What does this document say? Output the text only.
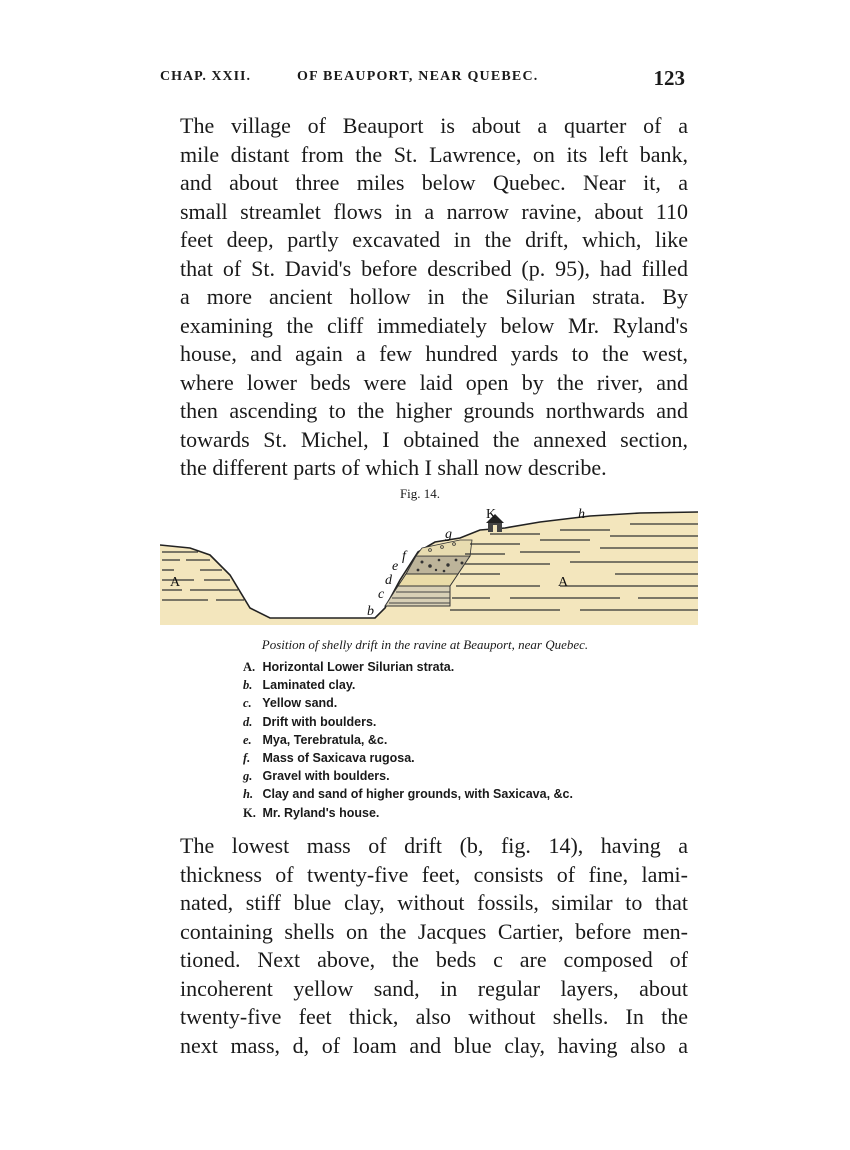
CHAP. XXII.	OF BEAUPORT, NEAR QUEBEC.	123

The village of Beauport is about a quarter of a
mile distant from the St. Lawrence, on its left bank,
and about three miles below Quebec. Near it, a
small streamlet flows in a narrow ravine, about 110
feet deep, partly excavated in the drift, which, like
that of St. David's before described (p. 95), had filled
a more ancient hollow in the Silurian strata. By
examining the cliff immediately below Mr. Ryland's
house, and again a few hundred yards to the west,
where lower beds were laid open by the river, and
then ascending to the higher grounds northwards and
towards St. Michel, I obtained the annexed section,
the different parts of which I shall now describe.

Fig. 14.
A	A
b
c
d
e
f
g
K	h
Position of shelly drift in the ravine at Beauport, near Quebec.
A. Horizontal Lower Silurian strata.
b. Laminated clay.
c. Yellow sand.
d. Drift with boulders.
e. Mya, Terebratula, &c.
f. Mass of Saxicava rugosa.
g. Gravel with boulders.
h. Clay and sand of higher grounds, with Saxicava, &c.
K. Mr. Ryland's house.

The lowest mass of drift (b, fig. 14), having a
thickness of twenty-five feet, consists of fine, lami-
nated, stiff blue clay, without fossils, similar to that
containing shells on the Jacques Cartier, before men-
tioned. Next above, the beds c are composed of
incoherent yellow sand, in regular layers, about
twenty-five feet thick, also without shells. In the
next mass, d, of loam and blue clay, having also a
